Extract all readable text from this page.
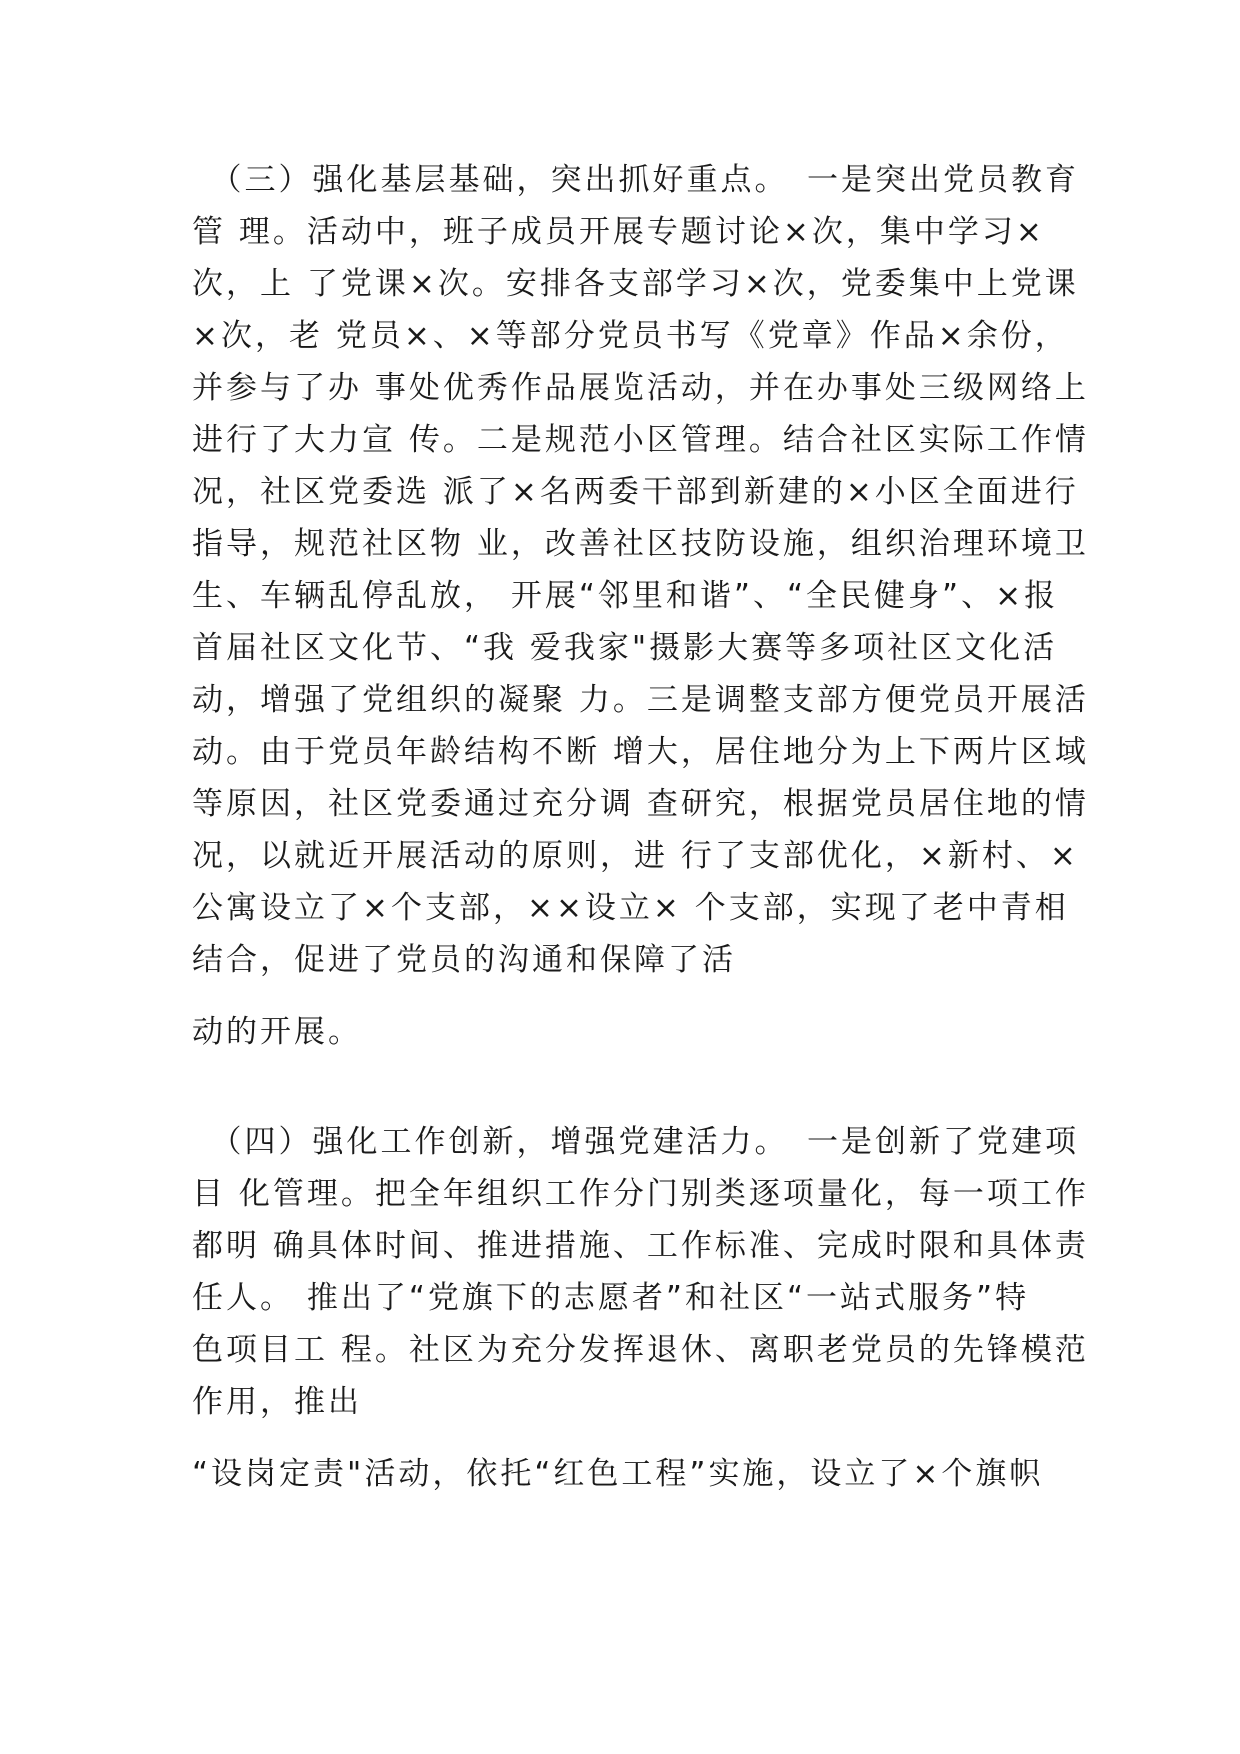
　（三）强化基层基础，突出抓好重点。　一是突出党员教育

管 理。活动中，班子成员开展专题讨论×次，集中学习×

次，上 了党课×次。安排各支部学习×次，党委集中上党课

×次，老 党员×、×等部分党员书写《党章》作品×余份，

并参与了办 事处优秀作品展览活动，并在办事处三级网络上

进行了大力宣 传。二是规范小区管理。结合社区实际工作情

况，社区党委选 派了×名两委干部到新建的×小区全面进行

指导，规范社区物 业，改善社区技防设施，组织治理环境卫

生、车辆乱停乱放， 开展“邻里和谐”、“全民健身”、×报

首届社区文化节、“我 爱我家"摄影大赛等多项社区文化活

动，增强了党组织的凝聚 力。三是调整支部方便党员开展活

动。由于党员年龄结构不断 增大，居住地分为上下两片区域

等原因，社区党委通过充分调 查研究，根据党员居住地的情

况，以就近开展活动的原则，进 行了支部优化，×新村、×

公寓设立了×个支部，××设立× 个支部，实现了老中青相

结合，促进了党员的沟通和保障了活

动的开展。

　（四）强化工作创新，增强党建活力。　一是创新了党建项

目 化管理。把全年组织工作分门别类逐项量化，每一项工作

都明 确具体时间、推进措施、工作标准、完成时限和具体责

任人。 推出了“党旗下的志愿者”和社区“一站式服务”特

色项目工 程。社区为充分发挥退休、离职老党员的先锋模范

作用，推出

“设岗定责"活动，依托“红色工程”实施，设立了×个旗帜
